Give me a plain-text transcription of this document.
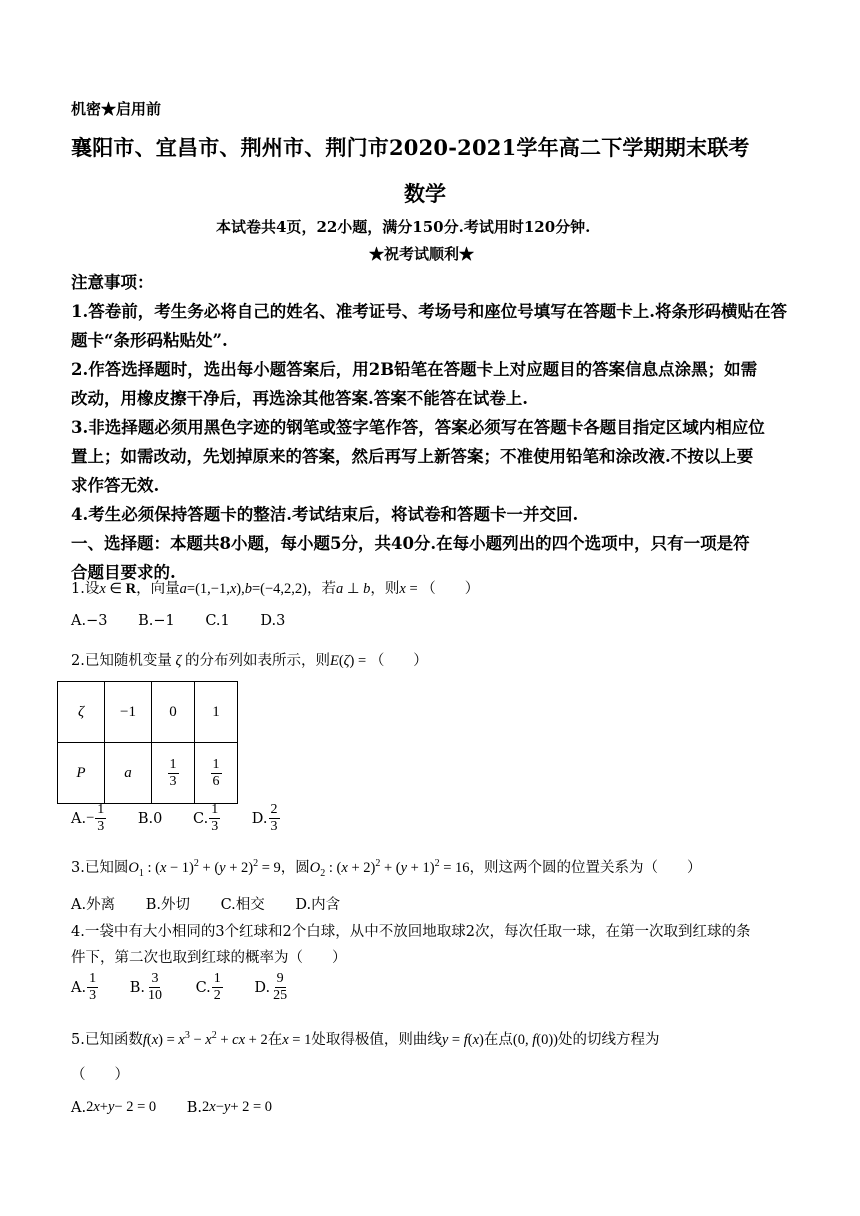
机密★启用前
襄阳市、宜昌市、荆州市、荆门市2020-2021学年高二下学期期末联考
数学
本试卷共4页，22小题，满分150分.考试用时120分钟.
★祝考试顺利★
注意事项：
1.答卷前，考生务必将自己的姓名、准考证号、考场号和座位号填写在答题卡上.将条形码横贴在答
题卡“条形码粘贴处”.
2.作答选择题时，选出每小题答案后，用2B铅笔在答题卡上对应题目的答案信息点涂黑；如需
改动，用橡皮擦干净后，再选涂其他答案.答案不能答在试卷上.
3.非选择题必须用黑色字迹的钢笔或签字笔作答，答案必须写在答题卡各题目指定区域内相应位
置上；如需改动，先划掉原来的答案，然后再写上新答案；不准使用铅笔和涂改液.不按以上要
求作答无效.
4.考生必须保持答题卡的整洁.考试结束后，将试卷和答题卡一并交回.
一、选择题：本题共8小题，每小题5分，共40分.在每小题列出的四个选项中，只有一项是符
合题目要求的.
1.设x ∈ R，向量a=(1,−1,x),b=(−4,2,2)，若a ⊥ b，则x = （　　）
A.−3 B.−1 C.1 D.3
2.已知随机变量 ζ 的分布列如表所示，则E(ζ) = （　　）
ζ	−1	0	1
P	a	$\frac{1}{3}$	$\frac{1}{6}$
A. − $\frac{1}{3}$
B.0
C. $\frac{1}{3}$
D. $\frac{2}{3}$
3.已知圆$O_1$ : $(x - 1)^2 + (y + 2)^2 = 9$，圆$O_2$ : $(x + 2)^2 + (y + 1)^2 = 16$，则这两个圆的位置关系为（　　）
A.外离 B.外切 C.相交 D.内含
4.一袋中有大小相同的3个红球和2个白球，从中不放回地取球2次，每次任取一球，在第一次取到红球的条
件下，第二次也取到红球的概率为（　　）
A. $\frac{1}{3}$
B. $\frac{3}{10}$
C. $\frac{1}{2}$
D. $\frac{9}{25}$
5.已知函数$f(x) = x^3 - x^2$ + cx + 2在x = 1处取得极值，则曲线y = f(x)在点(0, f(0))处的切线方程为
（　　）
A. 2 x + y − 2 = 0
B. 2 x − y + 2 = 0
